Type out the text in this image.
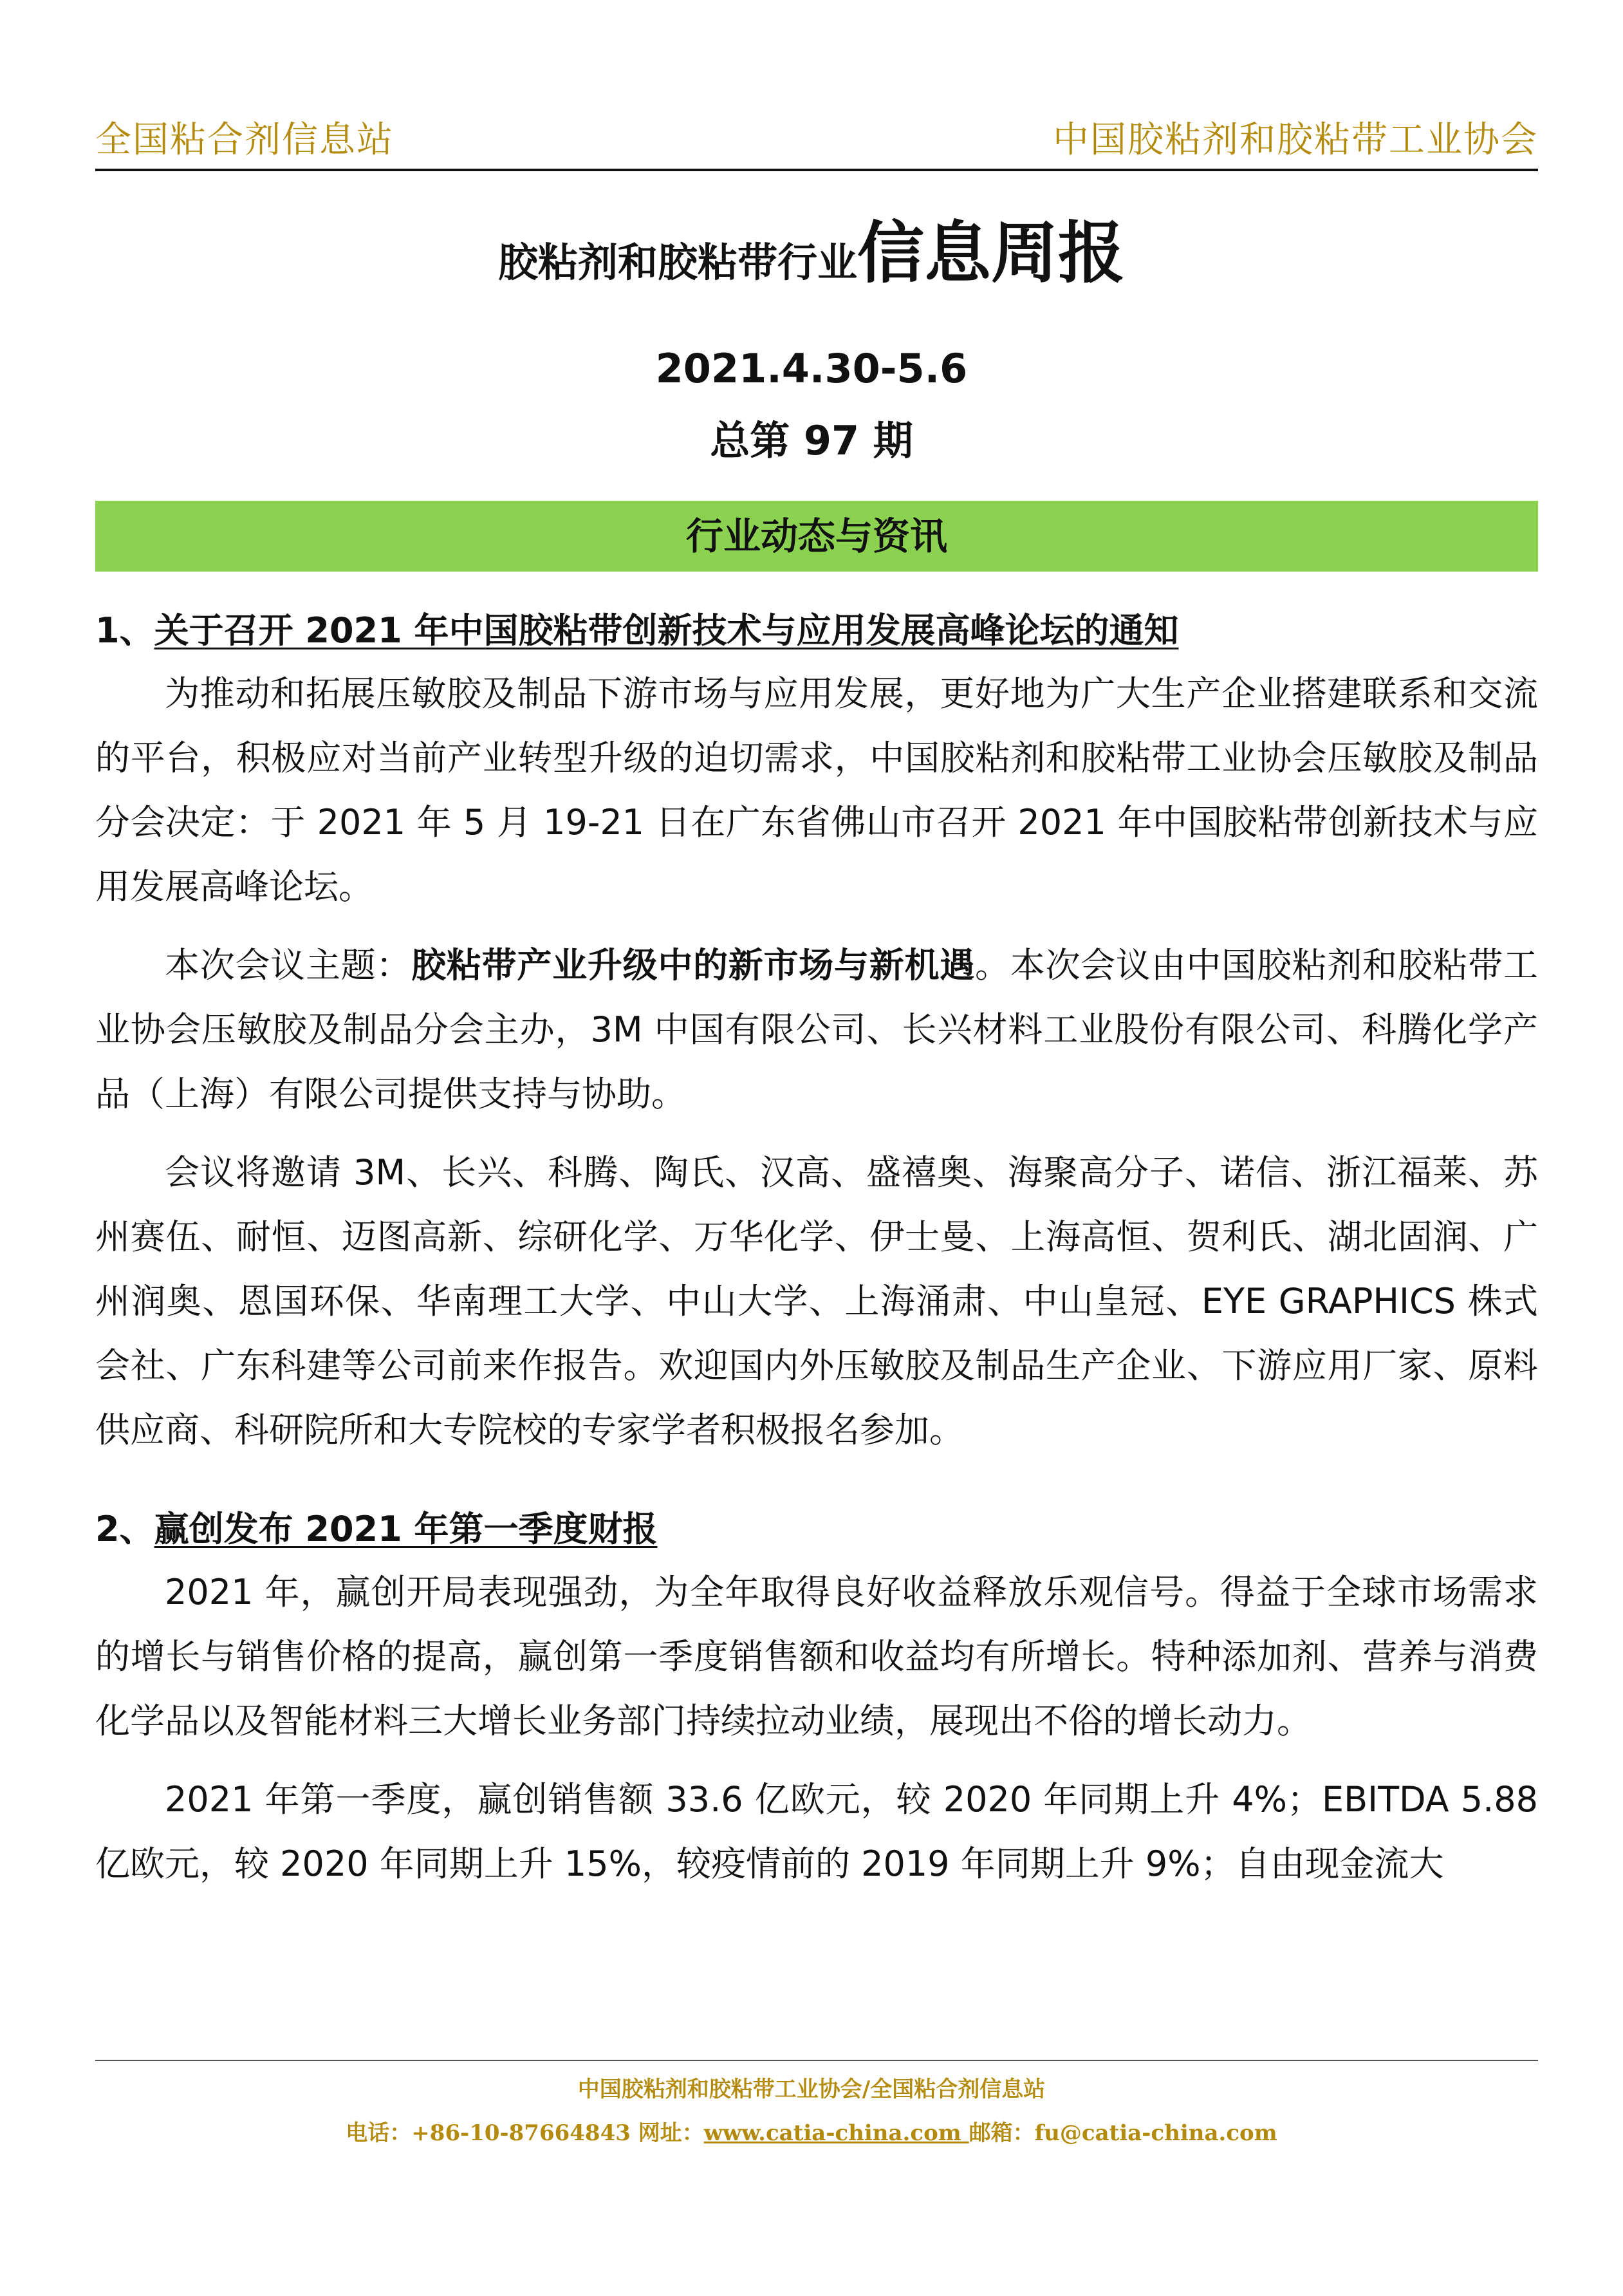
全国粘合剂信息站	中国胶粘剂和胶粘带工业协会
胶粘剂和胶粘带行业信息周报
2021.4.30-5.6
总第 97 期
行业动态与资讯

1、关于召开 2021 年中国胶粘带创新技术与应用发展高峰论坛的通知

为推动和拓展压敏胶及制品下游市场与应用发展，更好地为广大生产企业搭建联系和交流的平台，积极应对当前产业转型升级的迫切需求，中国胶粘剂和胶粘带工业协会压敏胶及制品分会决定：于 2021 年 5 月 19-21 日在广东省佛山市召开 2021 年中国胶粘带创新技术与应用发展高峰论坛。

本次会议主题：胶粘带产业升级中的新市场与新机遇。本次会议由中国胶粘剂和胶粘带工业协会压敏胶及制品分会主办，3M 中国有限公司、长兴材料工业股份有限公司、科腾化学产品（上海）有限公司提供支持与协助。

会议将邀请 3M、长兴、科腾、陶氏、汉高、盛禧奥、海聚高分子、诺信、浙江福莱、苏州赛伍、耐恒、迈图高新、综研化学、万华化学、伊士曼、上海高恒、贺利氏、湖北固润、广州润奥、恩国环保、华南理工大学、中山大学、上海涌肃、中山皇冠、EYE GRAPHICS 株式会社、广东科建等公司前来作报告。欢迎国内外压敏胶及制品生产企业、下游应用厂家、原料供应商、科研院所和大专院校的专家学者积极报名参加。

2、赢创发布 2021 年第一季度财报

2021 年，赢创开局表现强劲，为全年取得良好收益释放乐观信号。得益于全球市场需求的增长与销售价格的提高，赢创第一季度销售额和收益均有所增长。特种添加剂、营养与消费化学品以及智能材料三大增长业务部门持续拉动业绩，展现出不俗的增长动力。

2021 年第一季度，赢创销售额 33.6 亿欧元，较 2020 年同期上升 4%；EBITDA 5.88 亿欧元，较 2020 年同期上升 15%，较疫情前的 2019 年同期上升 9%；自由现金流大

中国胶粘剂和胶粘带工业协会/全国粘合剂信息站
电话：+86-10-87664843 网址：www.catia-china.com 邮箱：fu@catia-china.com
